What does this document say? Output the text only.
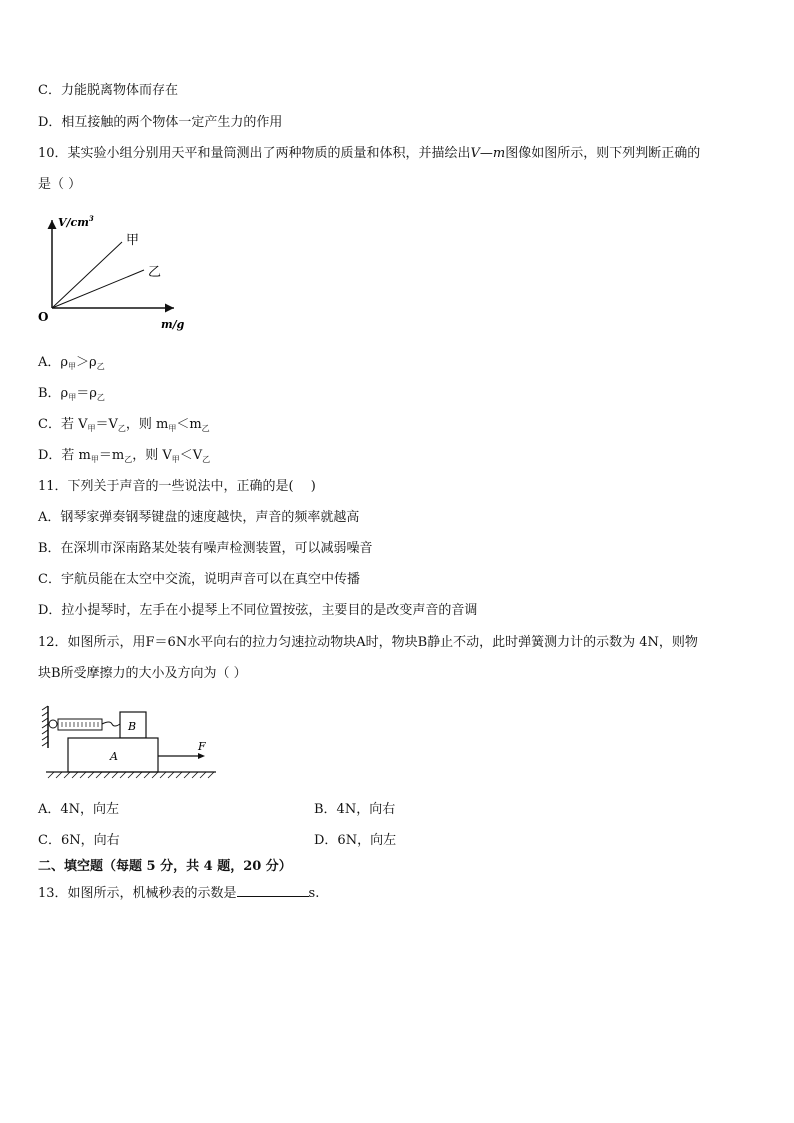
C．力能脱离物体而存在
D．相互接触的两个物体一定产生力的作用
10．某实验小组分别用天平和量筒测出了两种物质的质量和体积，并描绘出V—m图像如图所示，则下列判断正确的
是（ ）
$V/cm^3$
m/g
O
甲
乙
A．$\rho_甲>\rho_乙$
B．$\rho_甲=\rho_乙$
C．若 $V_甲=V_乙$，则 $m_甲<m_乙$
D．若 $m_甲=m_乙$，则 $V_甲<V_乙$
11．下列关于声音的一些说法中，正确的是(　 )
A．钢琴家弹奏钢琴键盘的速度越快，声音的频率就越高
B．在深圳市深南路某处装有噪声检测装置，可以减弱噪音
C．宇航员能在太空中交流，说明声音可以在真空中传播
D．拉小提琴时，左手在小提琴上不同位置按弦，主要目的是改变声音的音调
12．如图所示，用F＝6N水平向右的拉力匀速拉动物块A时，物块B静止不动，此时弹簧测力计的示数为 4N，则物
块B所受摩擦力的大小及方向为（ ）
B
A
F
A．4N，向左	B．4N，向右
C．6N，向右	D．6N，向左
二、填空题（每题 5 分，共 4 题，20 分）
13．如图所示，机械秒表的示数是	s.
